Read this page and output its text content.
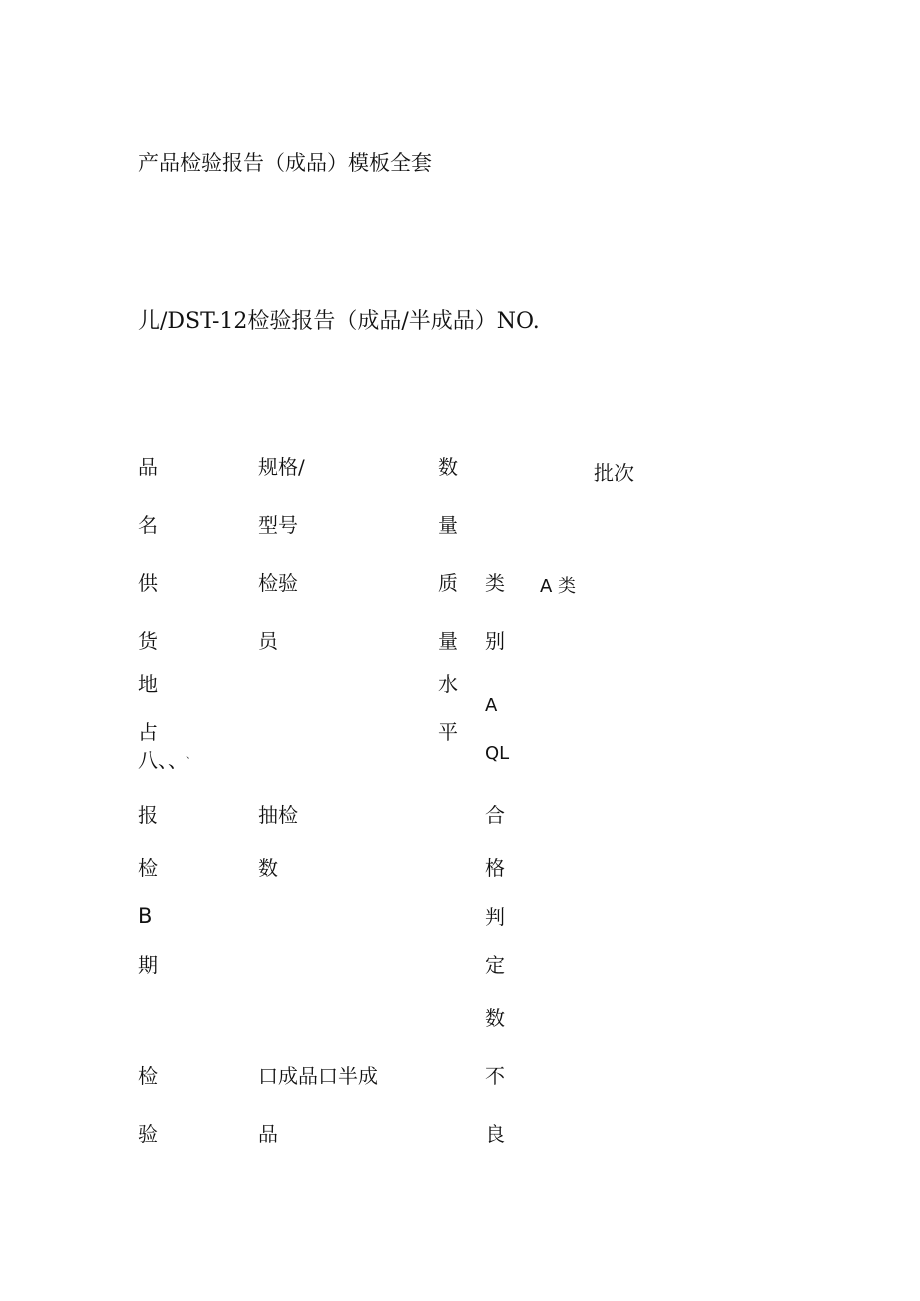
产品检验报告（成品）模板全套
儿/DST-12检验报告（成品/半成品）NO.
品
名
供
货
地
占
八、、
、
报
检
B
期
检
验
规格/
型号
检验
员
抽检
数
口成品口半成
品
数
量
质
量
水
平
类
别
A
QL
合
格
判
定
数
不
良
A 类
批次
